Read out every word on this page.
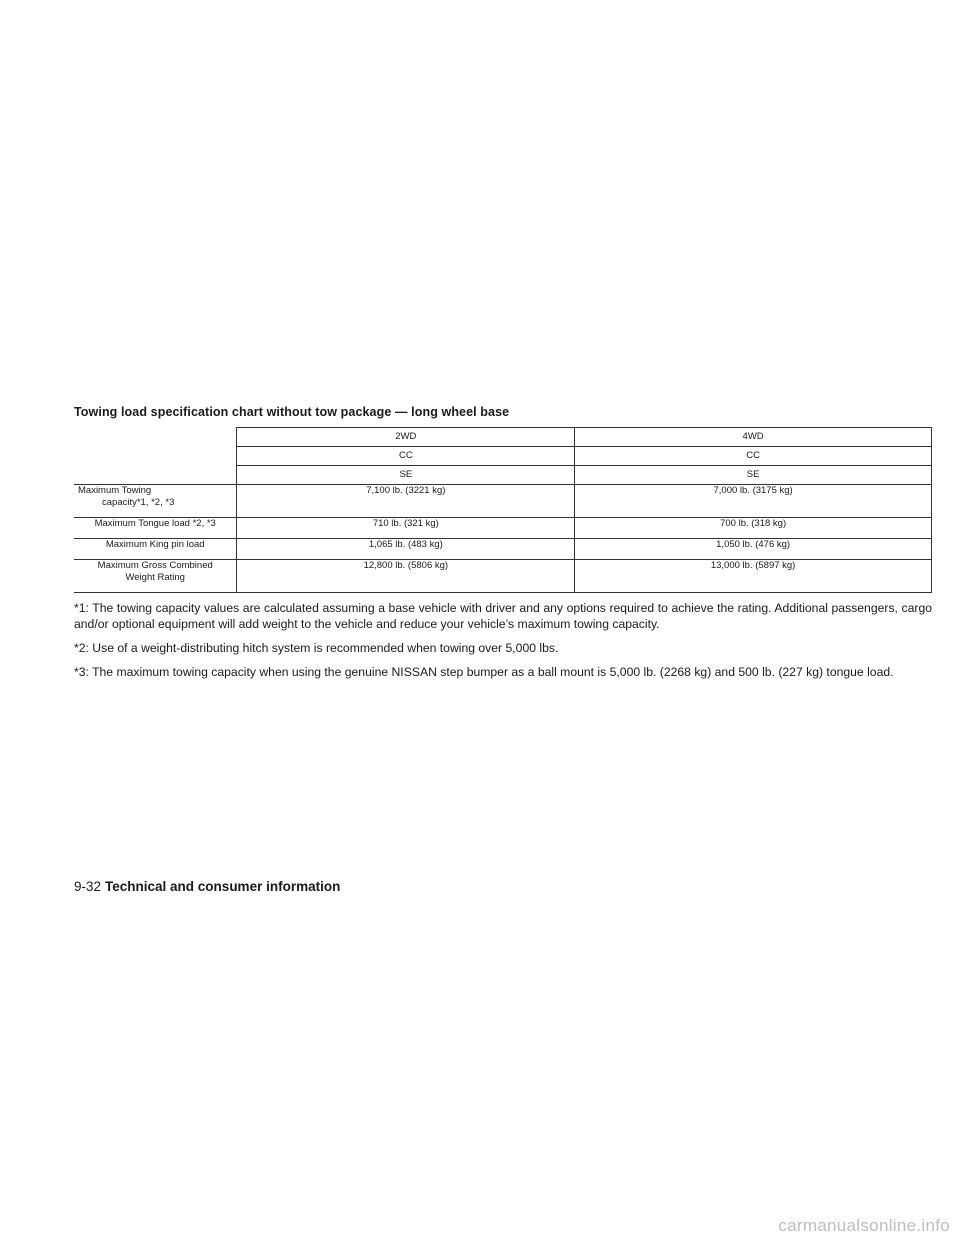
Towing load specification chart without tow package — long wheel base
	2WD	4WD
	CC	CC
	SE	SE

Maximum Towing
capacity*1, *2, *3	7,100 lb. (3221 kg)	7,000 lb. (3175 kg)

Maximum Tongue load *2, *3	710 lb. (321 kg)	700 lb. (318 kg)

Maximum King pin load	1,065 lb. (483 kg)	1,050 lb. (476 kg)

Maximum Gross Combined
Weight Rating	12,800 lb. (5806 kg)	13,000 lb. (5897 kg)

*1: The towing capacity values are calculated assuming a base vehicle with driver and any options required to achieve the rating. Additional passengers, cargo and/or optional equipment will add weight to the vehicle and reduce your vehicle’s maximum towing capacity.

*2: Use of a weight-distributing hitch system is recommended when towing over 5,000 lbs.

*3: The maximum towing capacity when using the genuine NISSAN step bumper as a ball mount is 5,000 lb. (2268 kg) and 500 lb. (227 kg) tongue load.

9-32 Technical and consumer information
carmanualsonline.info
